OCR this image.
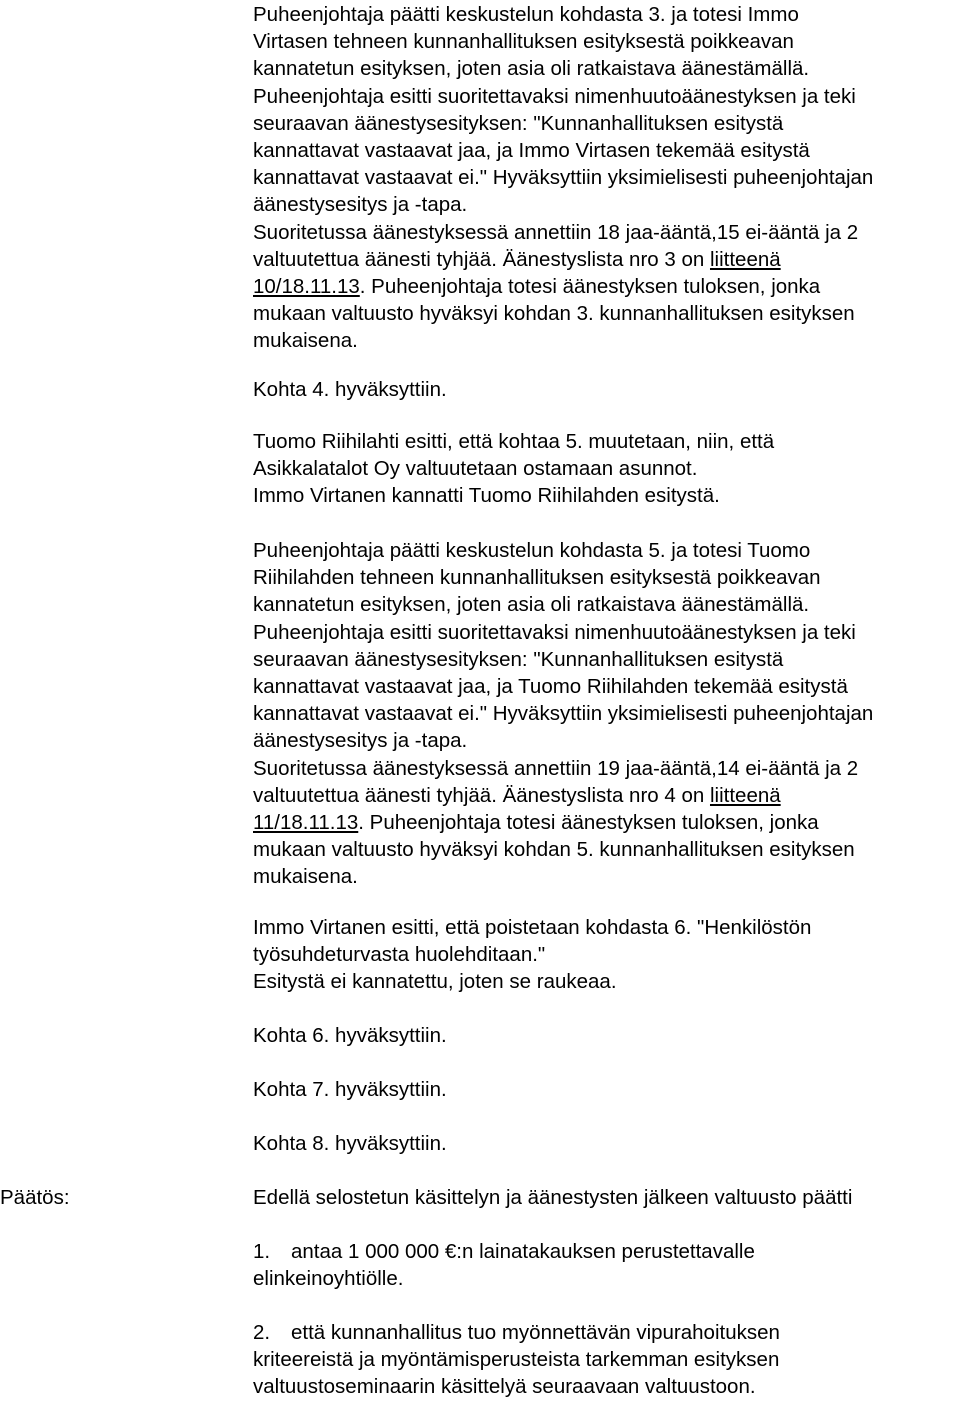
Päätös:
Puheenjohtaja päätti keskustelun kohdasta 3. ja totesi Immo
Virtasen tehneen kunnanhallituksen esityksestä poikkeavan
kannatetun esityksen, joten asia oli ratkaistava äänestämällä.
Puheenjohtaja esitti suoritettavaksi nimenhuutoäänestyksen ja teki
seuraavan äänestysesityksen: "Kunnanhallituksen esitystä
kannattavat vastaavat jaa, ja Immo Virtasen tekemää esitystä
kannattavat vastaavat ei." Hyväksyttiin yksimielisesti puheenjohtajan
äänestysesitys ja -tapa.
Suoritetussa äänestyksessä annettiin 18 jaa-ääntä,15 ei-ääntä ja 2
valtuutettua äänesti tyhjää. Äänestyslista nro 3 on liitteenä
10/18.11.13. Puheenjohtaja totesi äänestyksen tuloksen, jonka
mukaan valtuusto hyväksyi kohdan 3. kunnanhallituksen esityksen
mukaisena.
Kohta 4. hyväksyttiin.
Tuomo Riihilahti esitti, että kohtaa 5. muutetaan, niin, että
Asikkalatalot Oy valtuutetaan ostamaan asunnot.
Immo Virtanen kannatti Tuomo Riihilahden esitystä.
Puheenjohtaja päätti keskustelun kohdasta 5. ja totesi Tuomo
Riihilahden tehneen kunnanhallituksen esityksestä poikkeavan
kannatetun esityksen, joten asia oli ratkaistava äänestämällä.
Puheenjohtaja esitti suoritettavaksi nimenhuutoäänestyksen ja teki
seuraavan äänestysesityksen: "Kunnanhallituksen esitystä
kannattavat vastaavat jaa, ja Tuomo Riihilahden tekemää esitystä
kannattavat vastaavat ei." Hyväksyttiin yksimielisesti puheenjohtajan
äänestysesitys ja -tapa.
Suoritetussa äänestyksessä annettiin 19 jaa-ääntä,14 ei-ääntä ja 2
valtuutettua äänesti tyhjää. Äänestyslista nro 4 on liitteenä
11/18.11.13. Puheenjohtaja totesi äänestyksen tuloksen, jonka
mukaan valtuusto hyväksyi kohdan 5. kunnanhallituksen esityksen
mukaisena.
Immo Virtanen esitti, että poistetaan kohdasta 6. "Henkilöstön
työsuhdeturvasta huolehditaan."
Esitystä ei kannatettu, joten se raukeaa.
Kohta 6. hyväksyttiin.
Kohta 7. hyväksyttiin.
Kohta 8. hyväksyttiin.
Edellä selostetun käsittelyn ja äänestysten jälkeen valtuusto päätti
1. antaa 1 000 000 €:n lainatakauksen perustettavalle
elinkeinoyhtiölle.
2. että kunnanhallitus tuo myönnettävän vipurahoituksen
kriteereistä ja myöntämisperusteista tarkemman esityksen
valtuustoseminaarin käsittelyä seuraavaan valtuustoon.
